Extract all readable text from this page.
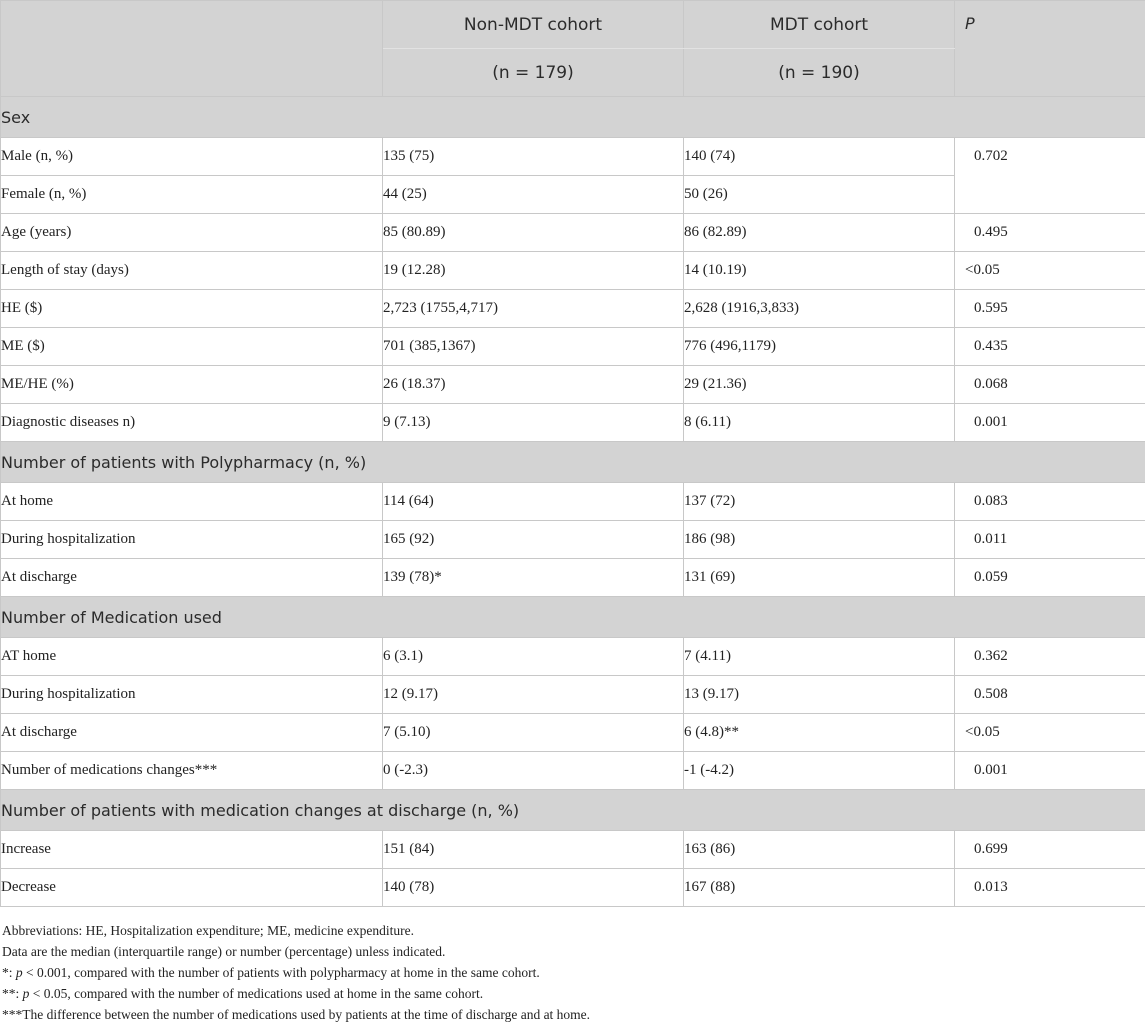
	Non-MDT cohort	MDT cohort	P
	(n = 179)	(n = 190)	
Sex			
Male (n, %)	135 (75)	140 (74)	0.702
Female (n, %)	44 (25)	50 (26)	
Age (years)	85 (80.89)	86 (82.89)	0.495
Length of stay (days)	19 (12.28)	14 (10.19)	<0.05
HE ($)	2,723 (1755,4,717)	2,628 (1916,3,833)	0.595
ME ($)	701 (385,1367)	776 (496,1179)	0.435
ME/HE (%)	26 (18.37)	29 (21.36)	0.068
Diagnostic diseases n)	9 (7.13)	8 (6.11)	0.001
Number of patients with Polypharmacy (n, %)			
At home	114 (64)	137 (72)	0.083
During hospitalization	165 (92)	186 (98)	0.011
At discharge	139 (78)*	131 (69)	0.059
Number of Medication used			
AT home	6 (3.1)	7 (4.11)	0.362
During hospitalization	12 (9.17)	13 (9.17)	0.508
At discharge	7 (5.10)	6 (4.8)**	<0.05
Number of medications changes***	0 (-2.3)	-1 (-4.2)	0.001
Number of patients with medication changes at discharge (n, %)			
Increase	151 (84)	163 (86)	0.699
Decrease	140 (78)	167 (88)	0.013
Abbreviations: HE, Hospitalization expenditure; ME, medicine expenditure.
Data are the median (interquartile range) or number (percentage) unless indicated.
*: p < 0.001, compared with the number of patients with polypharmacy at home in the same cohort.
**: p < 0.05, compared with the number of medications used at home in the same cohort.
***The difference between the number of medications used by patients at the time of discharge and at home.
